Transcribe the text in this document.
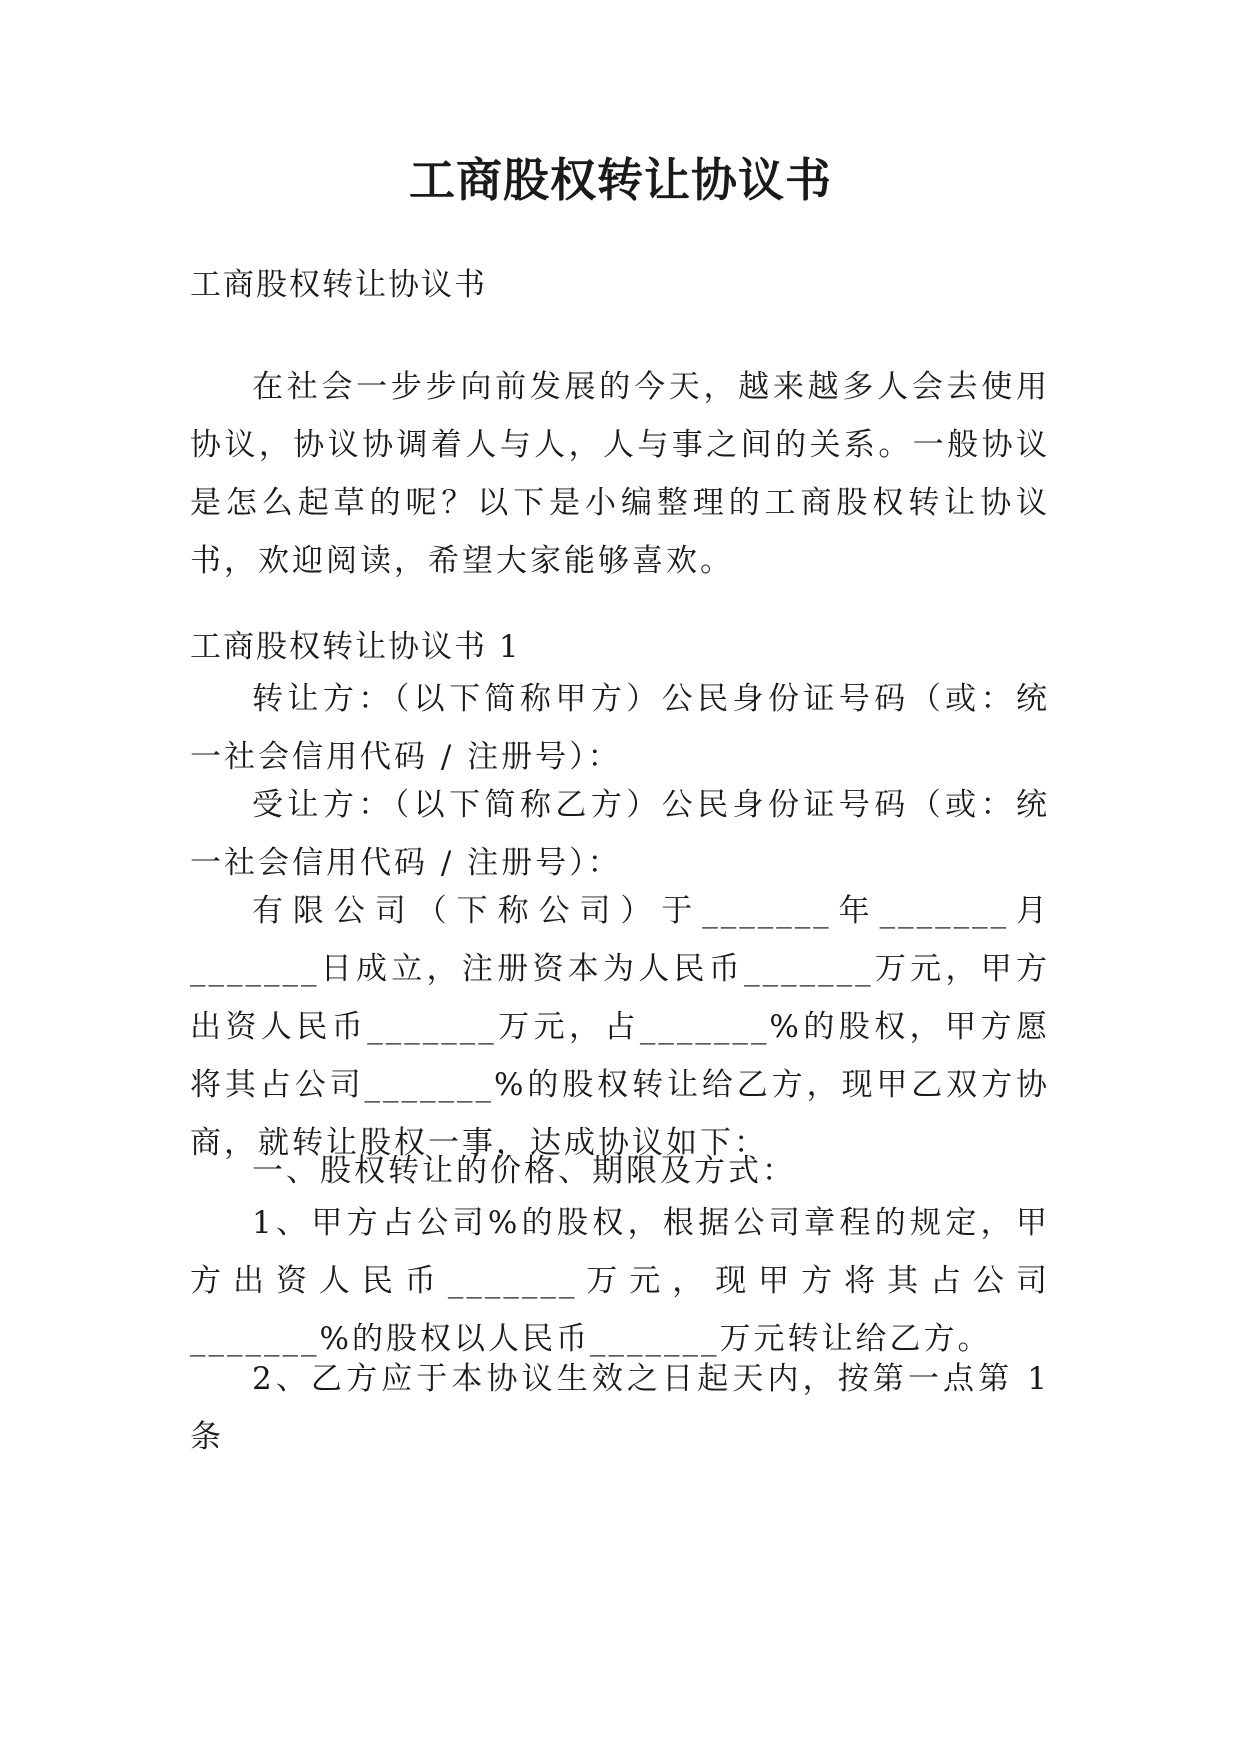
工商股权转让协议书

工商股权转让协议书

在社会一步步向前发展的今天，越来越多人会去使用协议，协议协调着人与人，人与事之间的关系。一般协议是怎么起草的呢？以下是小编整理的工商股权转让协议书，欢迎阅读，希望大家能够喜欢。

工商股权转让协议书 1

转让方：（以下简称甲方）公民身份证号码（或：统一社会信用代码 / 注册号）：

受让方：（以下简称乙方）公民身份证号码（或：统一社会信用代码 / 注册号）：

有限公司（下称公司）于_______年_______月_______日成立，注册资本为人民币_______万元，甲方出资人民币_______万元，占_______%的股权，甲方愿将其占公司_______%的股权转让给乙方，现甲乙双方协商，就转让股权一事，达成协议如下：

一、股权转让的价格、期限及方式：

1、甲方占公司%的股权，根据公司章程的规定，甲方出资人民币_______万元，现甲方将其占公司_______%的股权以人民币_______万元转让给乙方。

2、乙方应于本协议生效之日起天内，按第一点第 1 条
